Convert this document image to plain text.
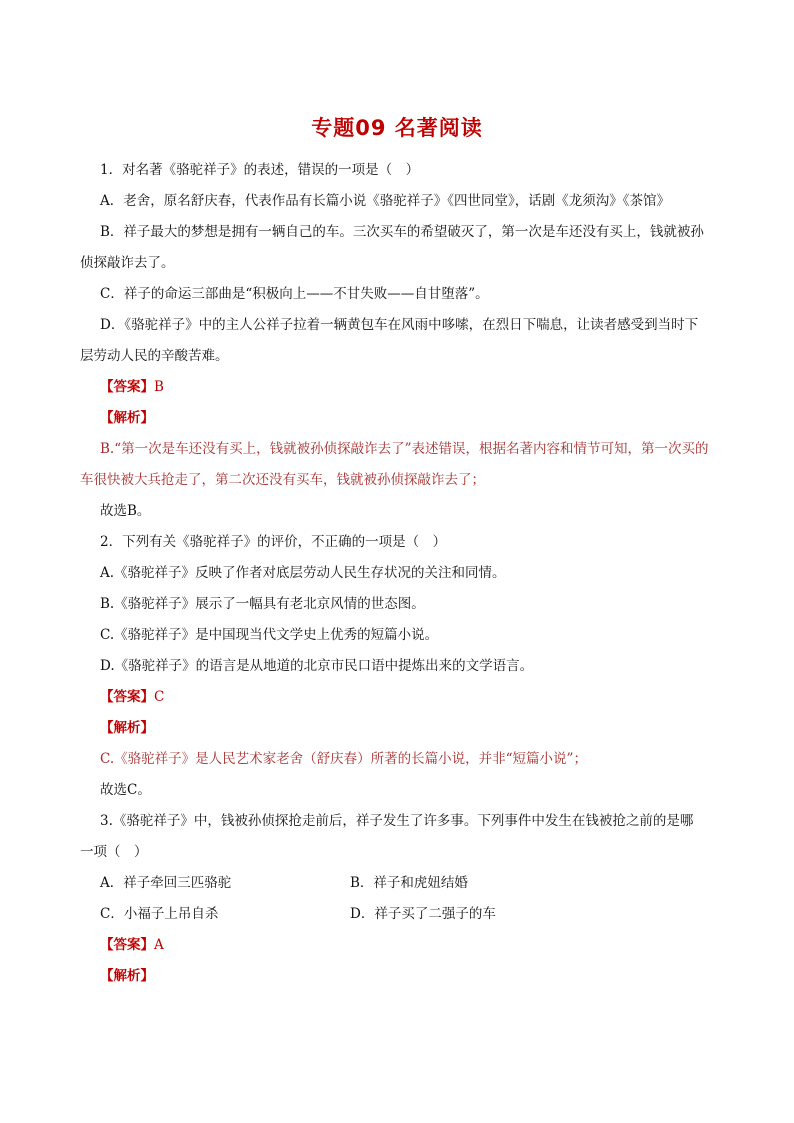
专题09 名著阅读
1．对名著《骆驼祥子》的表述，错误的一项是（　）
A．老舍，原名舒庆春，代表作品有长篇小说《骆驼祥子》《四世同堂》，话剧《龙须沟》《茶馆》
B．祥子最大的梦想是拥有一辆自己的车。三次买车的希望破灭了，第一次是车还没有买上，钱就被孙
侦探敲诈去了。
C．祥子的命运三部曲是“积极向上——不甘失败——自甘堕落”。
D．《骆驼祥子》中的主人公祥子拉着一辆黄包车在风雨中哆嗦，在烈日下喘息，让读者感受到当时下
层劳动人民的辛酸苦难。
【答案】B
【解析】
B.“第一次是车还没有买上，钱就被孙侦探敲诈去了”表述错误，根据名著内容和情节可知，第一次买的
车很快被大兵抢走了，第二次还没有买车，钱就被孙侦探敲诈去了；
故选B。
2．下列有关《骆驼祥子》的评价，不正确的一项是（　）
A.《骆驼祥子》反映了作者对底层劳动人民生存状况的关注和同情。
B.《骆驼祥子》展示了一幅具有老北京风情的世态图。
C.《骆驼祥子》是中国现当代文学史上优秀的短篇小说。
D.《骆驼祥子》的语言是从地道的北京市民口语中提炼出来的文学语言。
【答案】C
【解析】
C.《骆驼祥子》是人民艺术家老舍（舒庆春）所著的长篇小说，并非“短篇小说”；
故选C。
3.《骆驼祥子》中，钱被孙侦探抢走前后，祥子发生了许多事。下列事件中发生在钱被抢之前的是哪
一项（　）
A．祥子牵回三匹骆驼	B．祥子和虎妞结婚
C．小福子上吊自杀	D．祥子买了二强子的车
【答案】A
【解析】
